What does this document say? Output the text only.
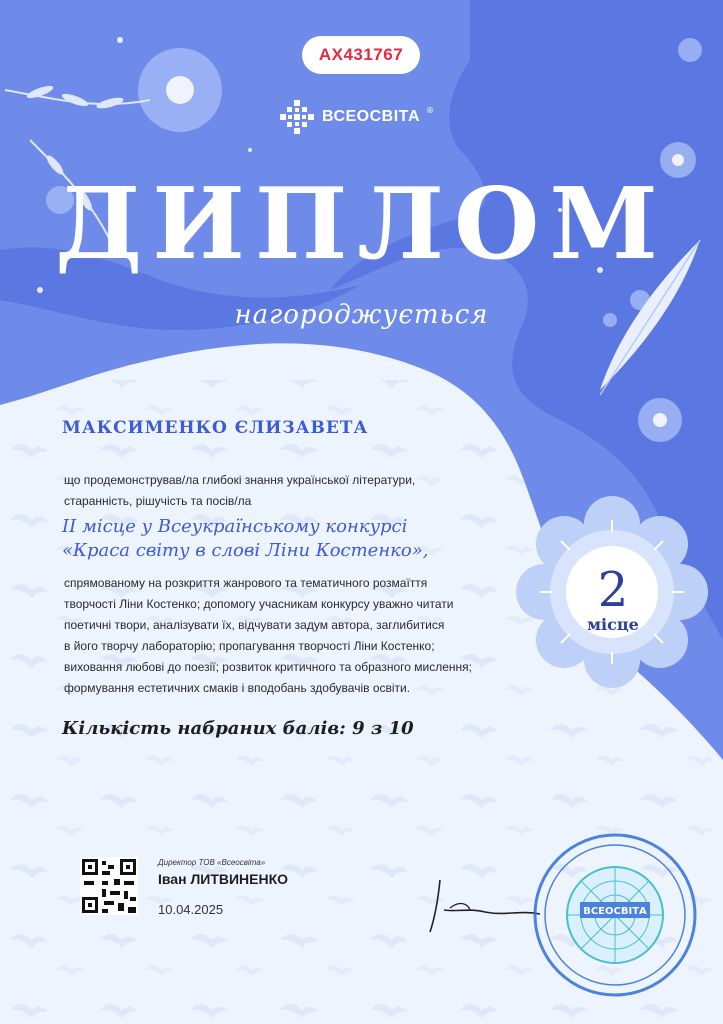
AX431767
ВСЕОСВІТА ®
ДИПЛОМ
нагороджується
МАКСИМЕНКО ЄЛИЗАВЕТА
що продемонстрував/ла глибокі знання української літератури,
старанність, рішучість та посів/ла
ІІ місце у Всеукраїнському конкурсі
«Краса світу в слові Ліни Костенко»,
спрямованому на розкриття жанрового та тематичного розмаїття
творчості Ліни Костенко; допомогу учасникам конкурсу уважно читати
поетичні твори, аналізувати їх, відчувати задум автора, заглибитися
в його творчу лабораторію; пропагування творчості Ліни Костенко;
виховання любові до поезії; розвиток критичного та образного мислення;
формування естетичних смаків і вподобань здобувачів освіти.
2
місце
Кількість набраних балів: 9 з 10
Директор ТОВ «Всеосвіта»
Іван ЛИТВИНЕНКО
10.04.2025	ВСЕОСВІТА
